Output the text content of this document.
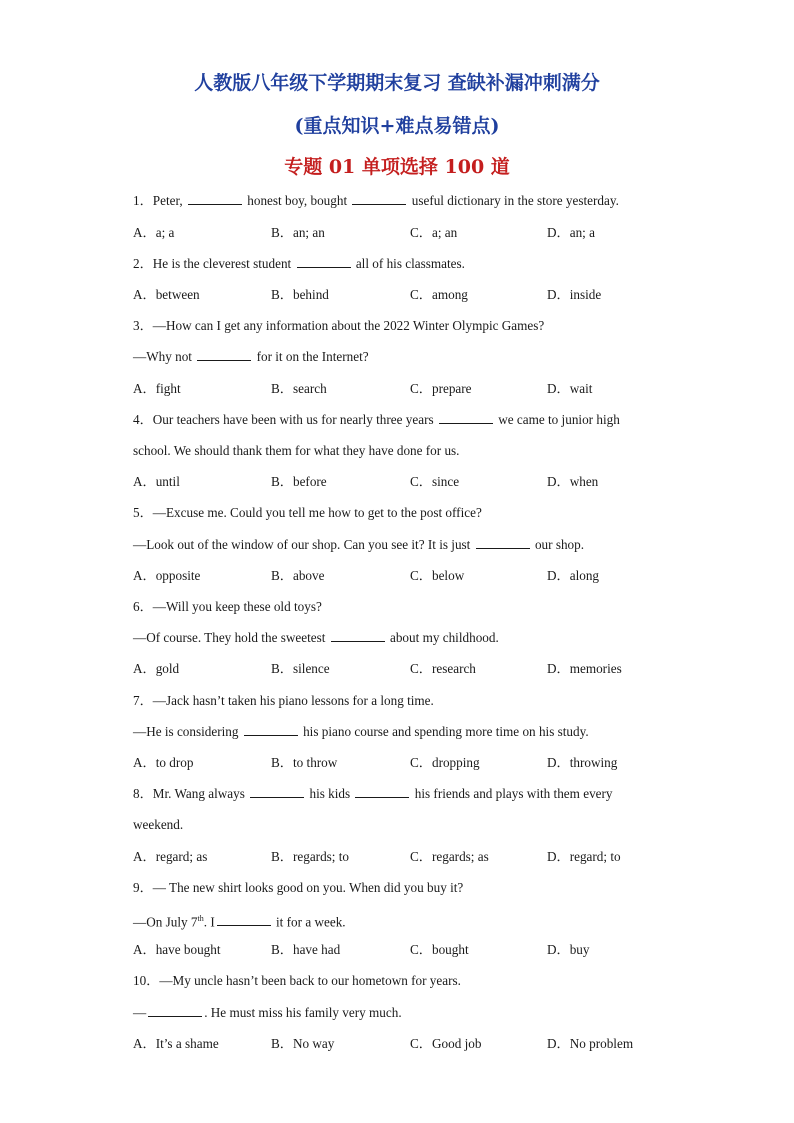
人教版八年级下学期期末复习 查缺补漏冲刺满分
(重点知识+难点易错点)
专题 01 单项选择 100 道
1．Peter,	honest boy, bought	useful dictionary in the store yesterday.
A．a; a	B．an; an	C．a; an	D．an; a
2．He is the cleverest student	all of his classmates.
A．between	B．behind	C．among	D．inside
3．—How can I get any information about the 2022 Winter Olympic Games?
—Why not	for it on the Internet?
A．fight	B．search	C．prepare	D．wait
4．Our teachers have been with us for nearly three years	we came to junior high
school. We should thank them for what they have done for us.
A．until	B．before	C．since	D．when
5．—Excuse me. Could you tell me how to get to the post office?
—Look out of the window of our shop. Can you see it? It is just	our shop.
A．opposite	B．above	C．below	D．along
6．—Will you keep these old toys?
—Of course. They hold the sweetest	about my childhood.
A．gold	B．silence	C．research	D．memories
7．—Jack hasn’t taken his piano lessons for a long time.
—He is considering	his piano course and spending more time on his study.
A．to drop	B．to throw	C．dropping	D．throwing
8．Mr. Wang always	his kids	his friends and plays with them every
weekend.
A．regard; as	B．regards; to	C．regards; as	D．regard; to
9．— The new shirt looks good on you. When did you buy it?
—On July 7th. I	it for a week.
A．have bought	B．have had	C．bought	D．buy
10．—My uncle hasn’t been back to our hometown for years.
—	. He must miss his family very much.
A．It’s a shame	B．No way	C．Good job	D．No problem
